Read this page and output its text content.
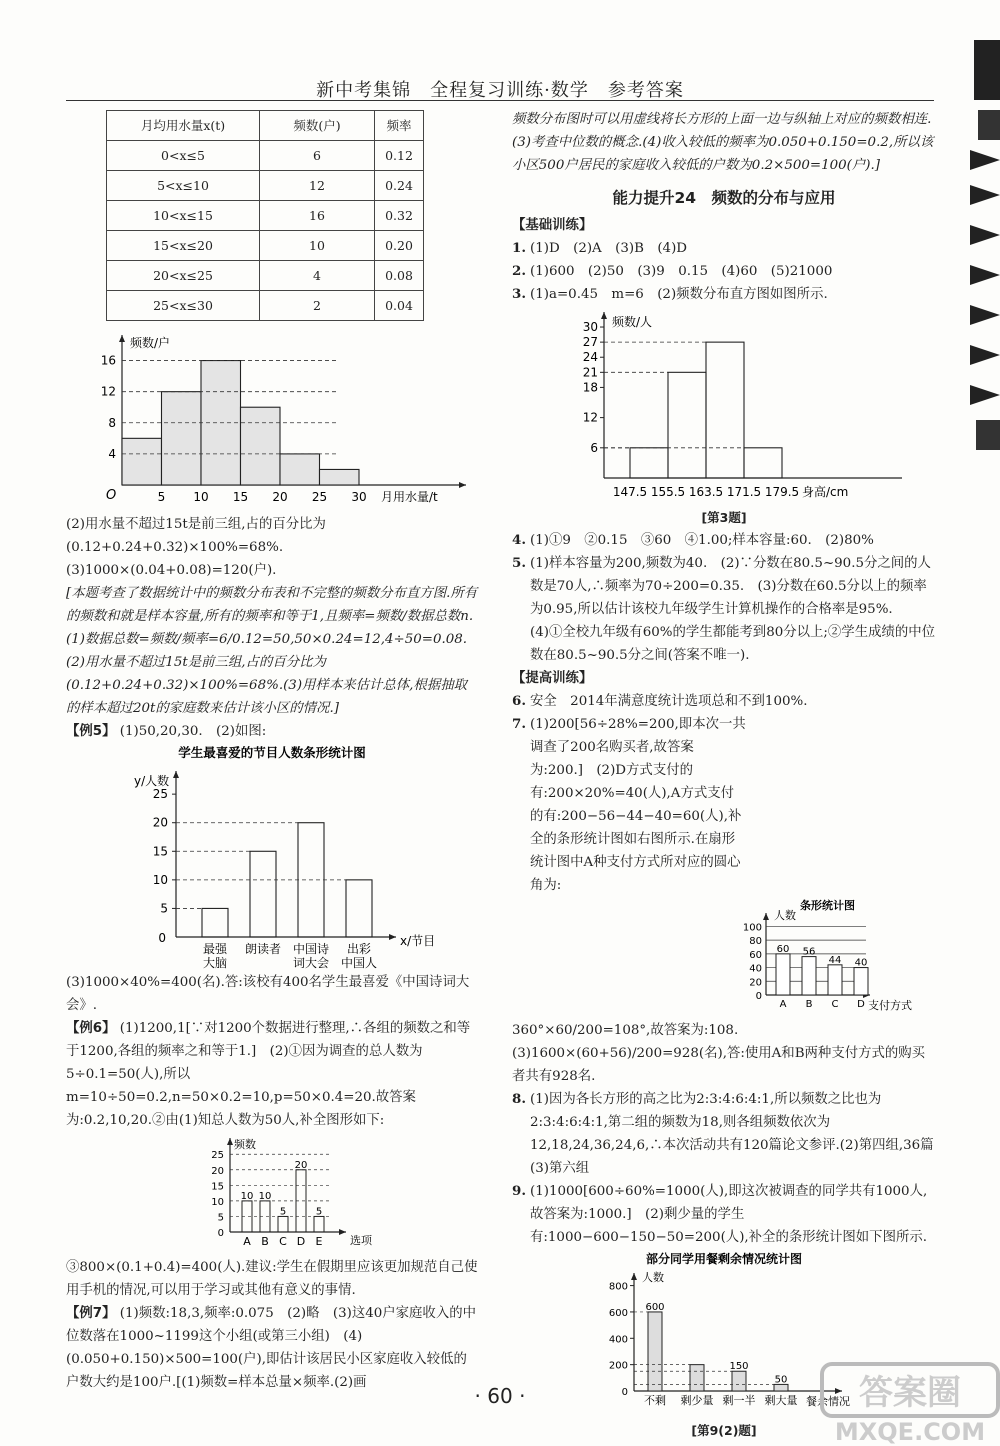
新中考集锦　全程复习训练·数学　参考答案
月均用水量x(t)	频数(户)	频率
0<x≤5	6	0.12
5<x≤10	12	0.24
10<x≤15	16	0.32
15<x≤20	10	0.20
20<x≤25	4	0.08
25<x≤30	2	0.04
频数/户
O
4
8
12
16
5 10 15 20 25 30 月用水量/t

(2)用水量不超过15t是前三组,占的百分比为(0.12+0.24+0.32)×100%=68%.

(3)1000×(0.04+0.08)=120(户).

[本题考查了数据统计中的频数分布表和不完整的频数分布直方图.所有的频数和就是样本容量,所有的频率和等于1,且频率=频数/数据总数n.(1)数据总数=频数/频率=6/0.12=50,50×0.24=12,4÷50=0.08.(2)用水量不超过15t是前三组,占的百分比为(0.12+0.24+0.32)×100%=68%.(3)用样本来估计总体,根据抽取的样本超过20t的家庭数来估计该小区的情况.]

【例5】 (1)50,20,30.　(2)如图:

学生最喜爱的节目人数条形统计图
y/人数
0	x/节目
5
10
15
20
25
最强
大脑
朗读者 中国诗
词大会
出彩
中国人

(3)1000×40%=400(名).答:该校有400名学生最喜爱《中国诗词大会》.

【例6】 (1)1200,1[∵对1200个数据进行整理,∴各组的频数之和等于1200,各组的频率之和等于1.]　(2)①因为调查的总人数为5÷0.1=50(人),所以m=10÷50=0.2,n=50×0.2=10,p=50×0.4=20.故答案为:0.2,10,20.②由(1)知总人数为50人,补全图形如下:

频数
0
选项
5
10
15
20
25
10
A
10
B
5
C
20
D
5
E

③800×(0.1+0.4)=400(人).建议:学生在假期里应该更加规范自己使用手机的情况,可以用于学习或其他有意义的事情.

【例7】 (1)频数:18,3,频率:0.075　(2)略　(3)这40户家庭收入的中位数落在1000~1199这个小组(或第三小组)　(4)(0.050+0.150)×500=100(户),即估计该居民小区家庭收入较低的户数大约是100户.[(1)频数=样本总量×频率.(2)画

频数分布图时可以用虚线将长方形的上面一边与纵轴上对应的频数相连.(3)考查中位数的概念.(4)收入较低的频率为0.050+0.150=0.2,所以该小区500户居民的家庭收入较低的户数为0.2×500=100(户).]

能力提升24　频数的分布与应用

【基础训练】

1. (1)D　(2)A　(3)B　(4)D

2. (1)600　(2)50　(3)9　0.15　(4)60　(5)21000

3. (1)a=0.45　m=6　(2)频数分布直方图如图所示.

频数/人
6
12
18
21
24
27
30
147.5 155.5 163.5 171.5 179.5 身高/cm

[第3题]

4. (1)①9　②0.15　③60　④1.00;样本容量:60.　(2)80%

5. (1)样本容量为200,频数为40.　(2)∵分数在80.5~90.5分之间的人数是70人,∴频率为70÷200=0.35.　(3)分数在60.5分以上的频率为0.95,所以估计该校九年级学生计算机操作的合格率是95%.　(4)①全校九年级有60%的学生都能考到80分以上;②学生成绩的中位数在80.5~90.5分之间(答案不唯一).

【提高训练】

6. 安全　2014年满意度统计选项总和不到100%.

7. (1)200[56÷28%=200,即本次一共调查了200名购买者,故答案为:200.]　(2)D方式支付的有:200×20%=40(人),A方式支付的有:200−56−44−40=60(人),补全的条形统计图如右图所示.在扇形统计图中A种支付方式所对应的圆心角为:
条形统计图
人数
0
支付方式
20
40
60
80
100
60
A
56
B
44
C
40
D

360°×60/200=108°,故答案为:108.　(3)1600×(60+56)/200=928(名),答:使用A和B两种支付方式的购买者共有928名.

8. (1)因为各长方形的高之比为2:3:4:6:4:1,所以频数之比也为2:3:4:6:4:1,第二组的频数为18,则各组频数依次为12,18,24,36,24,6,∴本次活动共有120篇论文参评.(2)第四组,36篇　(3)第六组

9. (1)1000[600÷60%=1000(人),即这次被调查的同学共有1000人,故答案为:1000.]　(2)剩少量的学生有:1000−600−150−50=200(人),补全的条形统计图如下图所示.

部分同学用餐剩余情况统计图
人数
0
餐余情况
200
400
600
800
600
不剩 剩少量
150
剩一半
50
剩大量

[第9(2)题]

· 60 ·	答案圈
MXQE.COM
